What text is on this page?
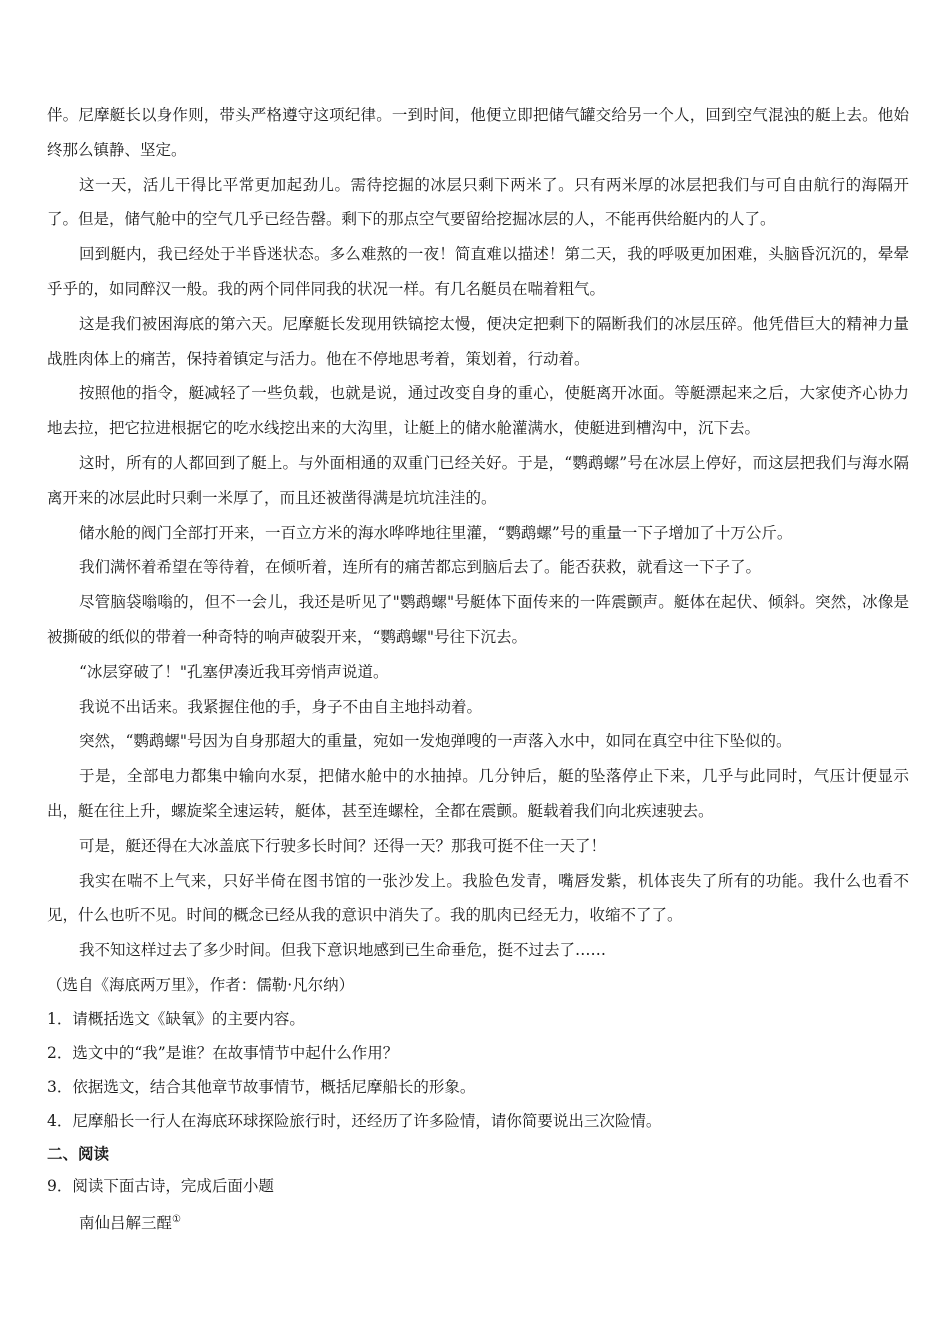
伴。尼摩艇长以身作则，带头严格遵守这项纪律。一到时间，他便立即把储气罐交给另一个人，回到空气混浊的艇上去。他始终那么镇静、坚定。

这一天，活儿干得比平常更加起劲儿。需待挖掘的冰层只剩下两米了。只有两米厚的冰层把我们与可自由航行的海隔开了。但是，储气舱中的空气几乎已经告罄。剩下的那点空气要留给挖掘冰层的人，不能再供给艇内的人了。

回到艇内，我已经处于半昏迷状态。多么难熬的一夜！简直难以描述！第二天，我的呼吸更加困难，头脑昏沉沉的，晕晕乎乎的，如同醉汉一般。我的两个同伴同我的状况一样。有几名艇员在喘着粗气。

这是我们被困海底的第六天。尼摩艇长发现用铁镐挖太慢，便决定把剩下的隔断我们的冰层压碎。他凭借巨大的精神力量战胜肉体上的痛苦，保持着镇定与活力。他在不停地思考着，策划着，行动着。

按照他的指令，艇减轻了一些负载，也就是说，通过改变自身的重心，使艇离开冰面。等艇漂起来之后，大家使齐心协力地去拉，把它拉进根据它的吃水线挖出来的大沟里，让艇上的储水舱灌满水，使艇进到槽沟中，沉下去。

这时，所有的人都回到了艇上。与外面相通的双重门已经关好。于是，“鹦鹉螺”号在冰层上停好，而这层把我们与海水隔离开来的冰层此时只剩一米厚了，而且还被凿得满是坑坑洼洼的。

储水舱的阀门全部打开来，一百立方米的海水哗哗地往里灌，“鹦鹉螺”号的重量一下子增加了十万公斤。

我们满怀着希望在等待着，在倾听着，连所有的痛苦都忘到脑后去了。能否获救，就看这一下子了。

尽管脑袋嗡嗡的，但不一会儿，我还是听见了"鹦鹉螺"号艇体下面传来的一阵震颤声。艇体在起伏、倾斜。突然，冰像是被撕破的纸似的带着一种奇特的响声破裂开来，“鹦鹉螺"号往下沉去。

“冰层穿破了！"孔塞伊凑近我耳旁悄声说道。

我说不出话来。我紧握住他的手，身子不由自主地抖动着。

突然，“鹦鹉螺"号因为自身那超大的重量，宛如一发炮弹嗖的一声落入水中，如同在真空中往下坠似的。

于是，全部电力都集中输向水泵，把储水舱中的水抽掉。几分钟后，艇的坠落停止下来，几乎与此同时，气压计便显示出，艇在往上升，螺旋桨全速运转，艇体，甚至连螺栓，全都在震颤。艇载着我们向北疾速驶去。

可是，艇还得在大冰盖底下行驶多长时间？还得一天？那我可挺不住一天了！

我实在喘不上气来，只好半倚在图书馆的一张沙发上。我脸色发青，嘴唇发紫，机体丧失了所有的功能。我什么也看不见，什么也听不见。时间的概念已经从我的意识中消失了。我的肌肉已经无力，收缩不了了。

我不知这样过去了多少时间。但我下意识地感到已生命垂危，挺不过去了……

（选自《海底两万里》，作者：儒勒·凡尔纳）

1．请概括选文《缺氧》的主要内容。

2．选文中的“我”是谁？在故事情节中起什么作用？

3．依据选文，结合其他章节故事情节，概括尼摩船长的形象。

4．尼摩船长一行人在海底环球探险旅行时，还经历了许多险情，请你简要说出三次险情。

二、阅读

9．阅读下面古诗，完成后面小题

南仙吕解三酲①
